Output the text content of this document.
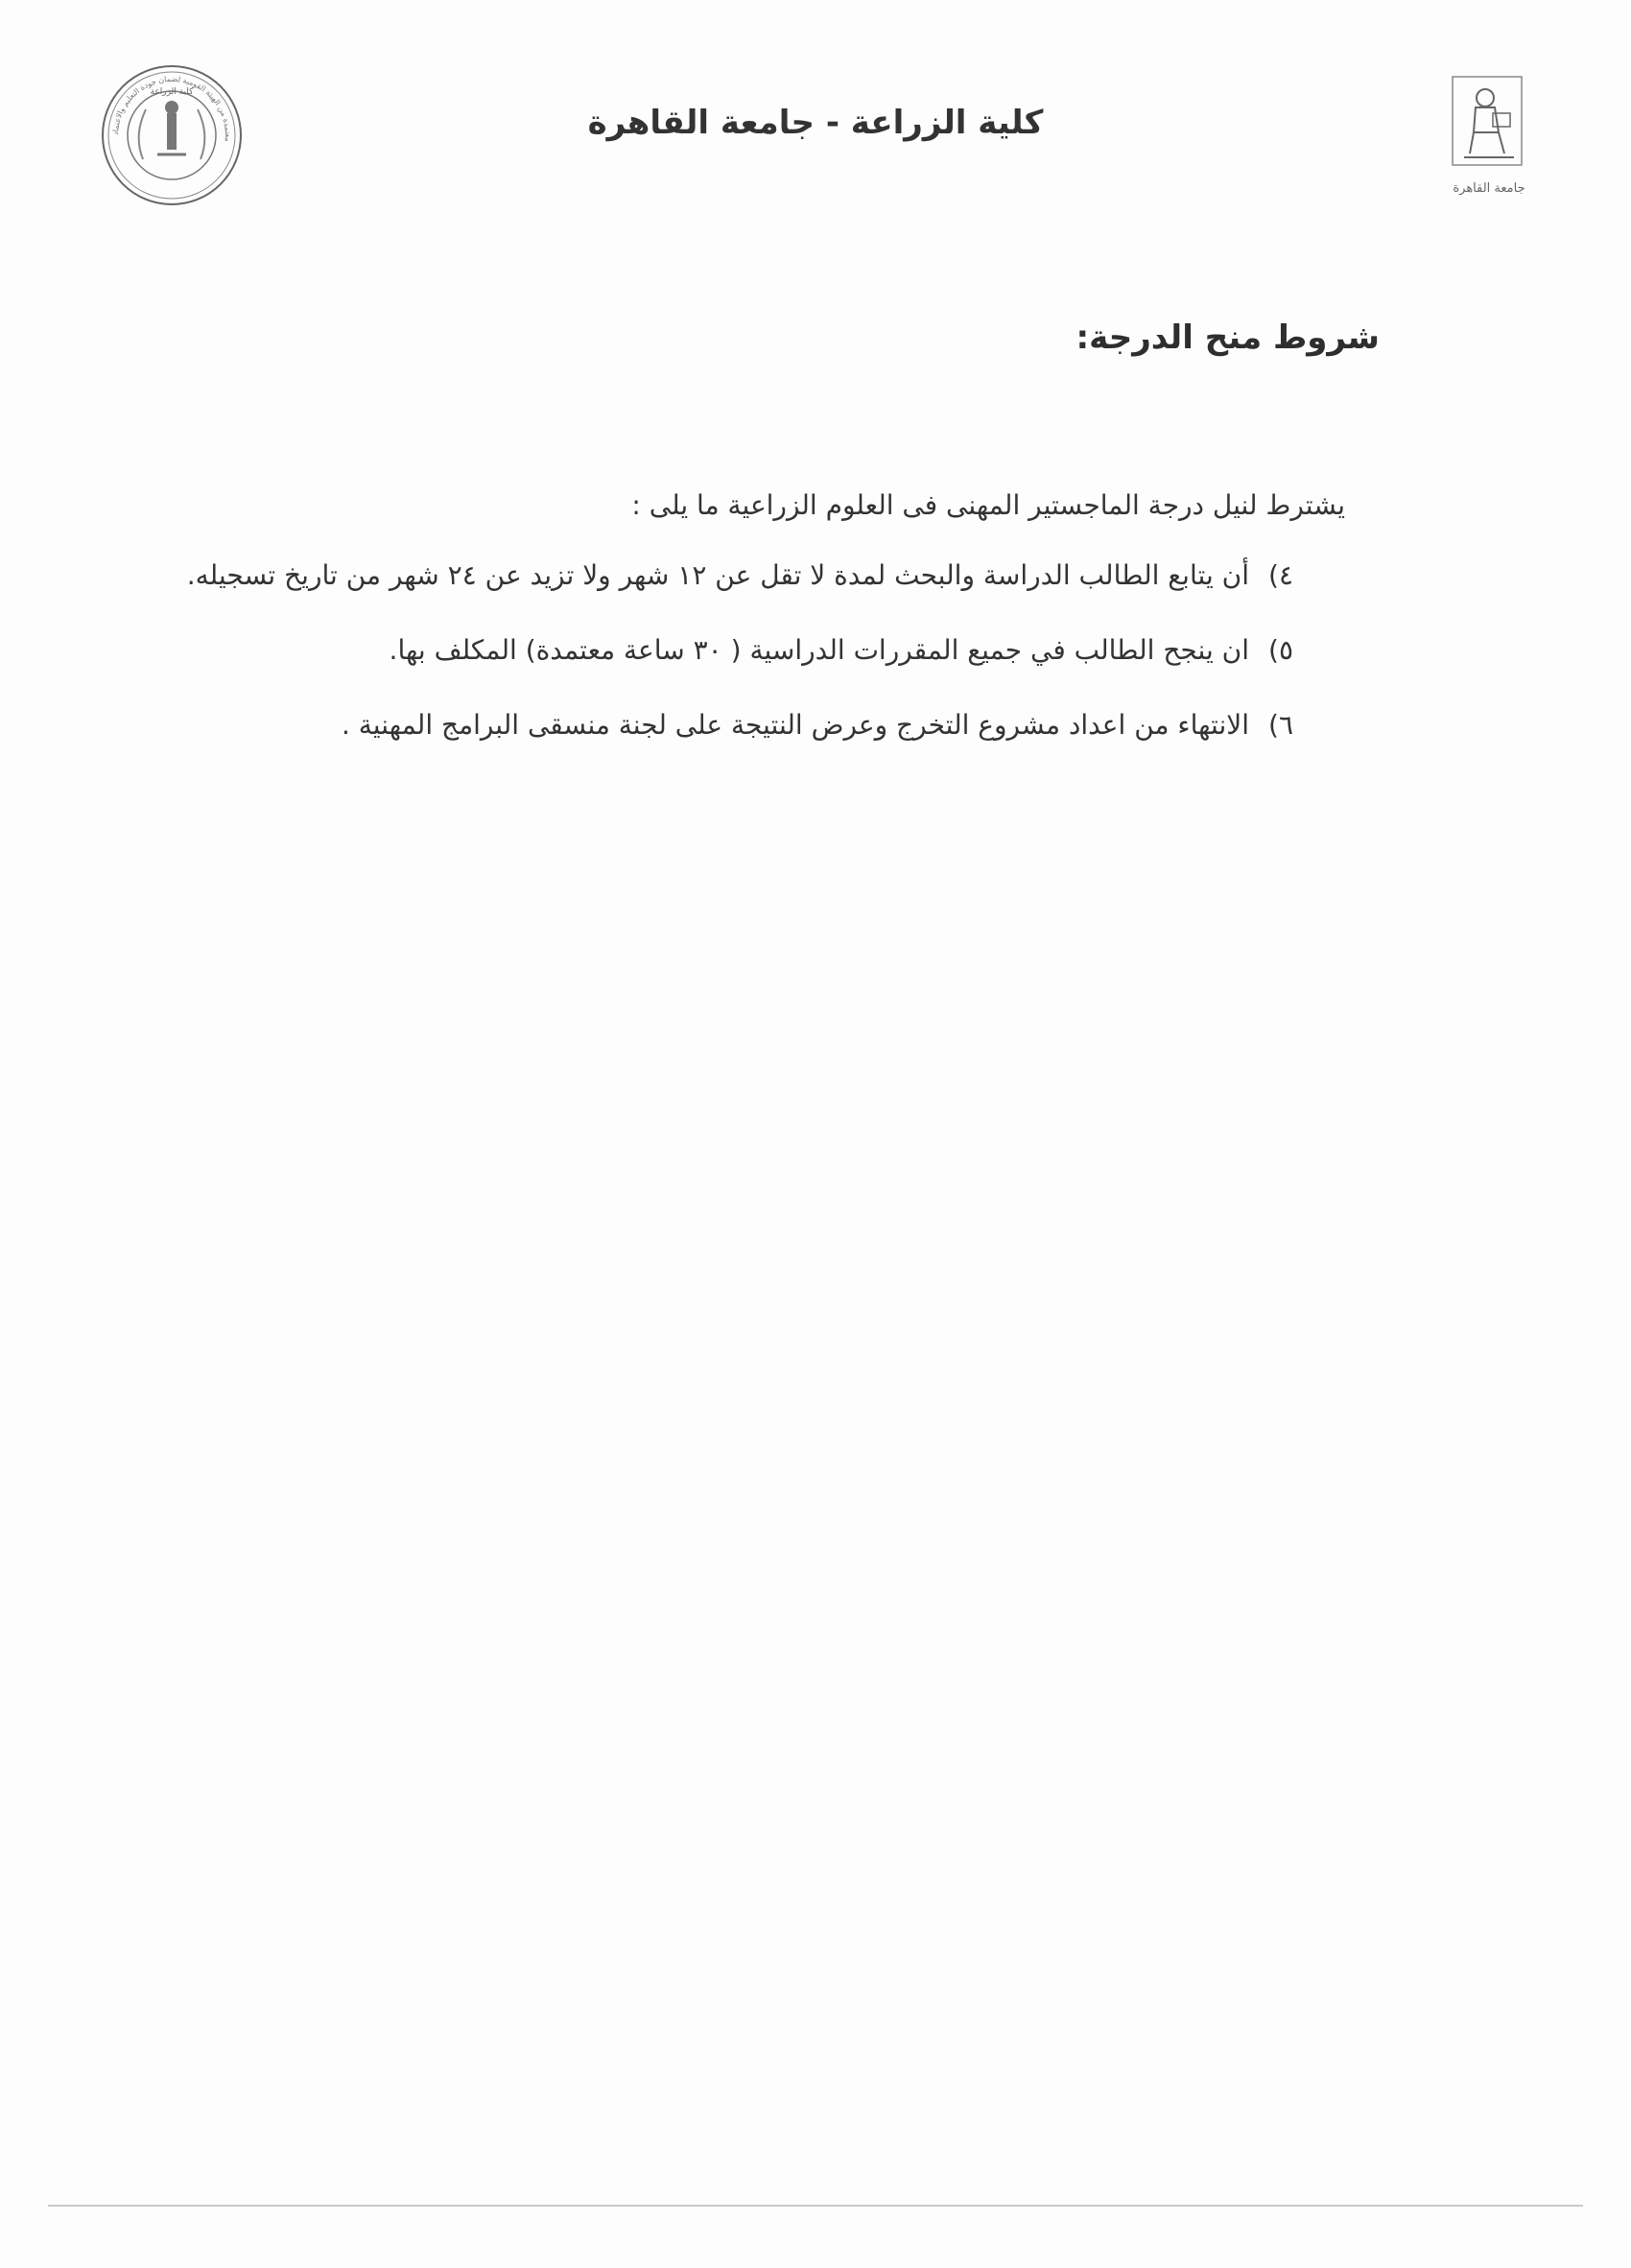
معتمدة من الهيئة القومية لضمان جودة التعليم والاعتماد
كلية الزراعة
كلية الزراعة - جامعة القاهرة
جامعة القاهرة
شروط منح الدرجة:
يشترط لنيل درجة الماجستير المهنى فى العلوم الزراعية ما يلى :
٤)
أن يتابع الطالب الدراسة والبحث لمدة لا تقل عن ١٢ شهر ولا تزيد عن ٢٤ شهر من تاريخ تسجيله.
٥)
ان ينجح الطالب في جميع المقررات الدراسية ( ٣٠ ساعة معتمدة) المكلف بها.
٦)
الانتهاء من اعداد مشروع التخرج وعرض النتيجة على لجنة منسقى البرامج المهنية .
